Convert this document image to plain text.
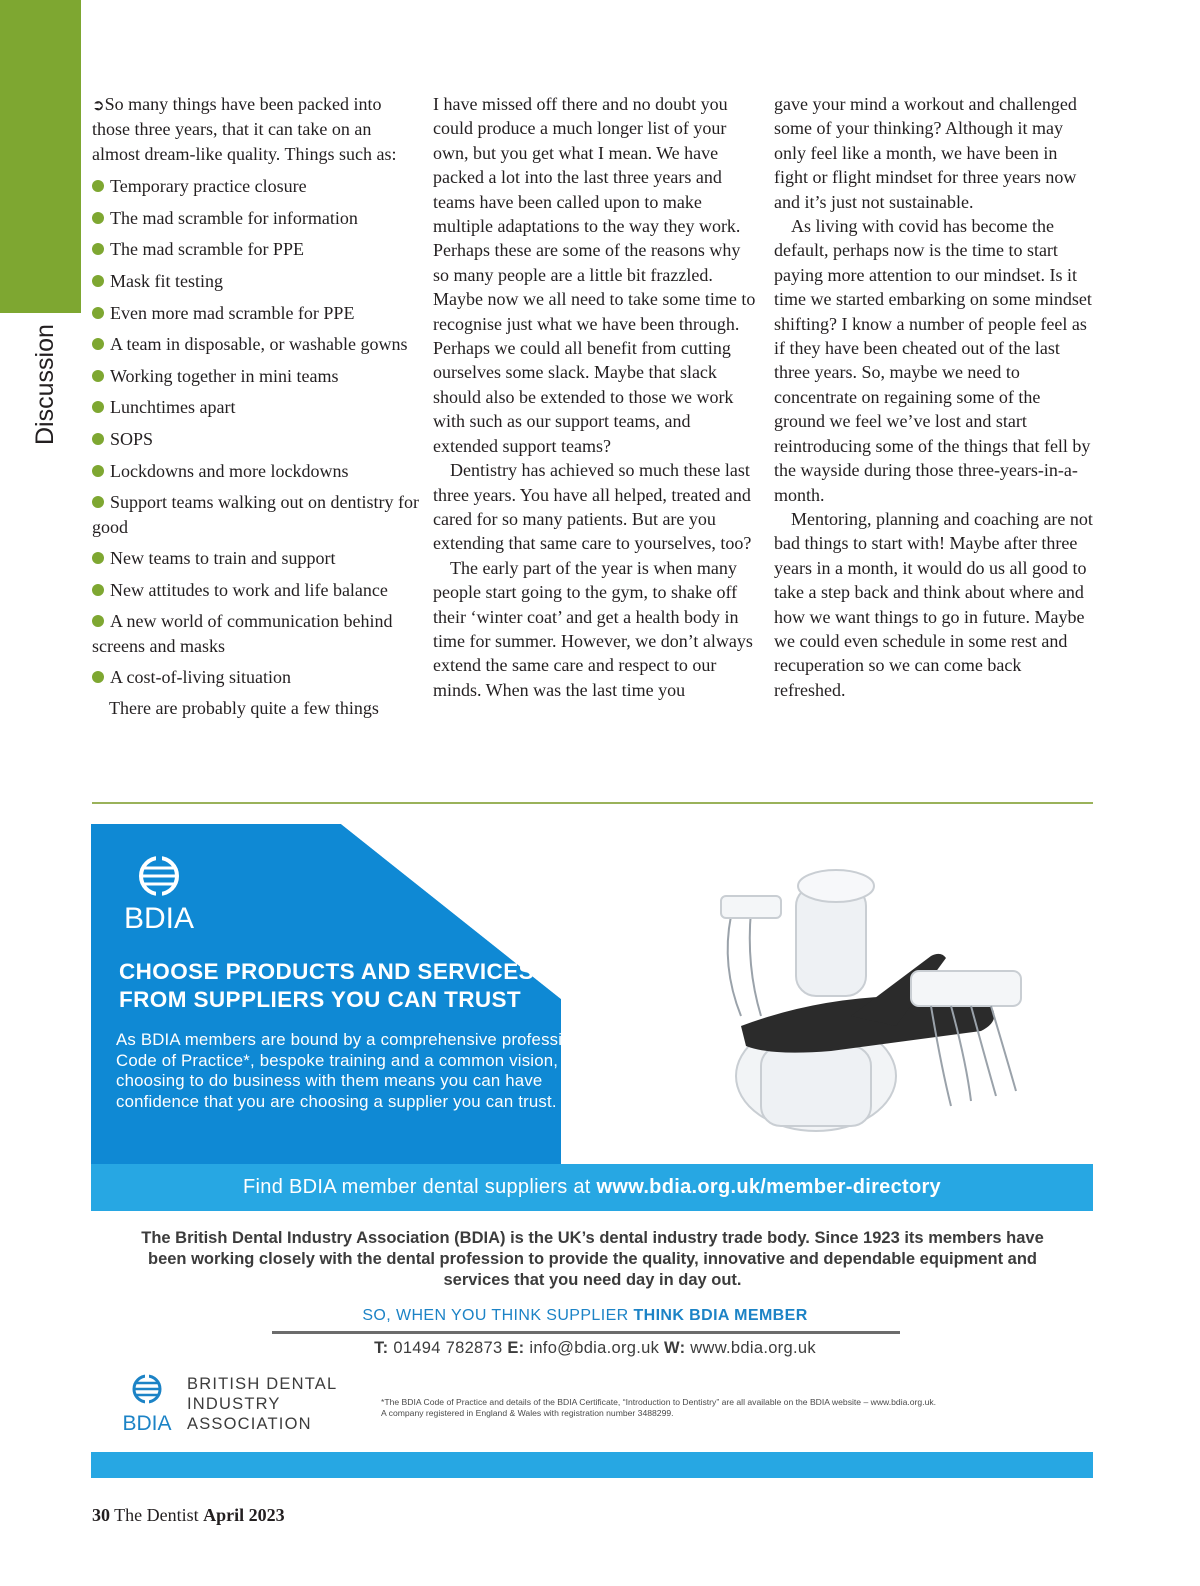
Discussion

➲So many things have been packed into those three years, that it can take on an almost dream-like quality. Things such as:

Temporary practice closure
The mad scramble for information
The mad scramble for PPE
Mask fit testing
Even more mad scramble for PPE
A team in disposable, or washable gowns
Working together in mini teams
Lunchtimes apart
SOPS
Lockdowns and more lockdowns
Support teams walking out on dentistry for good
New teams to train and support
New attitudes to work and life balance
A new world of communication behind screens and masks
A cost-of-living situation

There are probably quite a few things

I have missed off there and no doubt you could produce a much longer list of your own, but you get what I mean. We have packed a lot into the last three years and teams have been called upon to make multiple adaptations to the way they work. Perhaps these are some of the reasons why so many people are a little bit frazzled. Maybe now we all need to take some time to recognise just what we have been through. Perhaps we could all benefit from cutting ourselves some slack. Maybe that slack should also be extended to those we work with such as our support teams, and extended support teams?

Dentistry has achieved so much these last three years. You have all helped, treated and cared for so many patients. But are you extending that same care to yourselves, too?

The early part of the year is when many people start going to the gym, to shake off their ‘winter coat’ and get a health body in time for summer. However, we don’t always extend the same care and respect to our minds. When was the last time you

gave your mind a workout and challenged some of your thinking? Although it may only feel like a month, we have been in fight or flight mindset for three years now and it’s just not sustainable.

As living with covid has become the default, perhaps now is the time to start paying more attention to our mindset. Is it time we started embarking on some mindset shifting? I know a number of people feel as if they have been cheated out of the last three years. So, maybe we need to concentrate on regaining some of the ground we feel we’ve lost and start reintroducing some of the things that fell by the wayside during those three-years-in-a-month.

Mentoring, planning and coaching are not bad things to start with! Maybe after three years in a month, it would do us all good to take a step back and think about where and how we want things to go in future. Maybe we could even schedule in some rest and recuperation so we can come back refreshed.

BDIA
CHOOSE PRODUCTS AND SERVICES
FROM SUPPLIERS YOU CAN TRUST
As BDIA members are bound by a comprehensive professional Code of Practice*, bespoke training and a common vision, choosing to do business with them means you can have confidence that you are choosing a supplier you can trust.
Find BDIA member dental suppliers at www.bdia.org.uk/member-directory
The British Dental Industry Association (BDIA) is the UK’s dental industry trade body. Since 1923 its members have been working closely with the dental profession to provide the quality, innovative and dependable equipment and services that you need day in day out.
SO, WHEN YOU THINK SUPPLIER THINK BDIA MEMBER
T: 01494 782873 E: info@bdia.org.uk W: www.bdia.org.uk
BDIA
BRITISH DENTAL
INDUSTRY
ASSOCIATION
*The BDIA Code of Practice and details of the BDIA Certificate, “Introduction to Dentistry” are all available on the BDIA website – www.bdia.org.uk.
A company registered in England & Wales with registration number 3488299.
30 The Dentist April 2023
